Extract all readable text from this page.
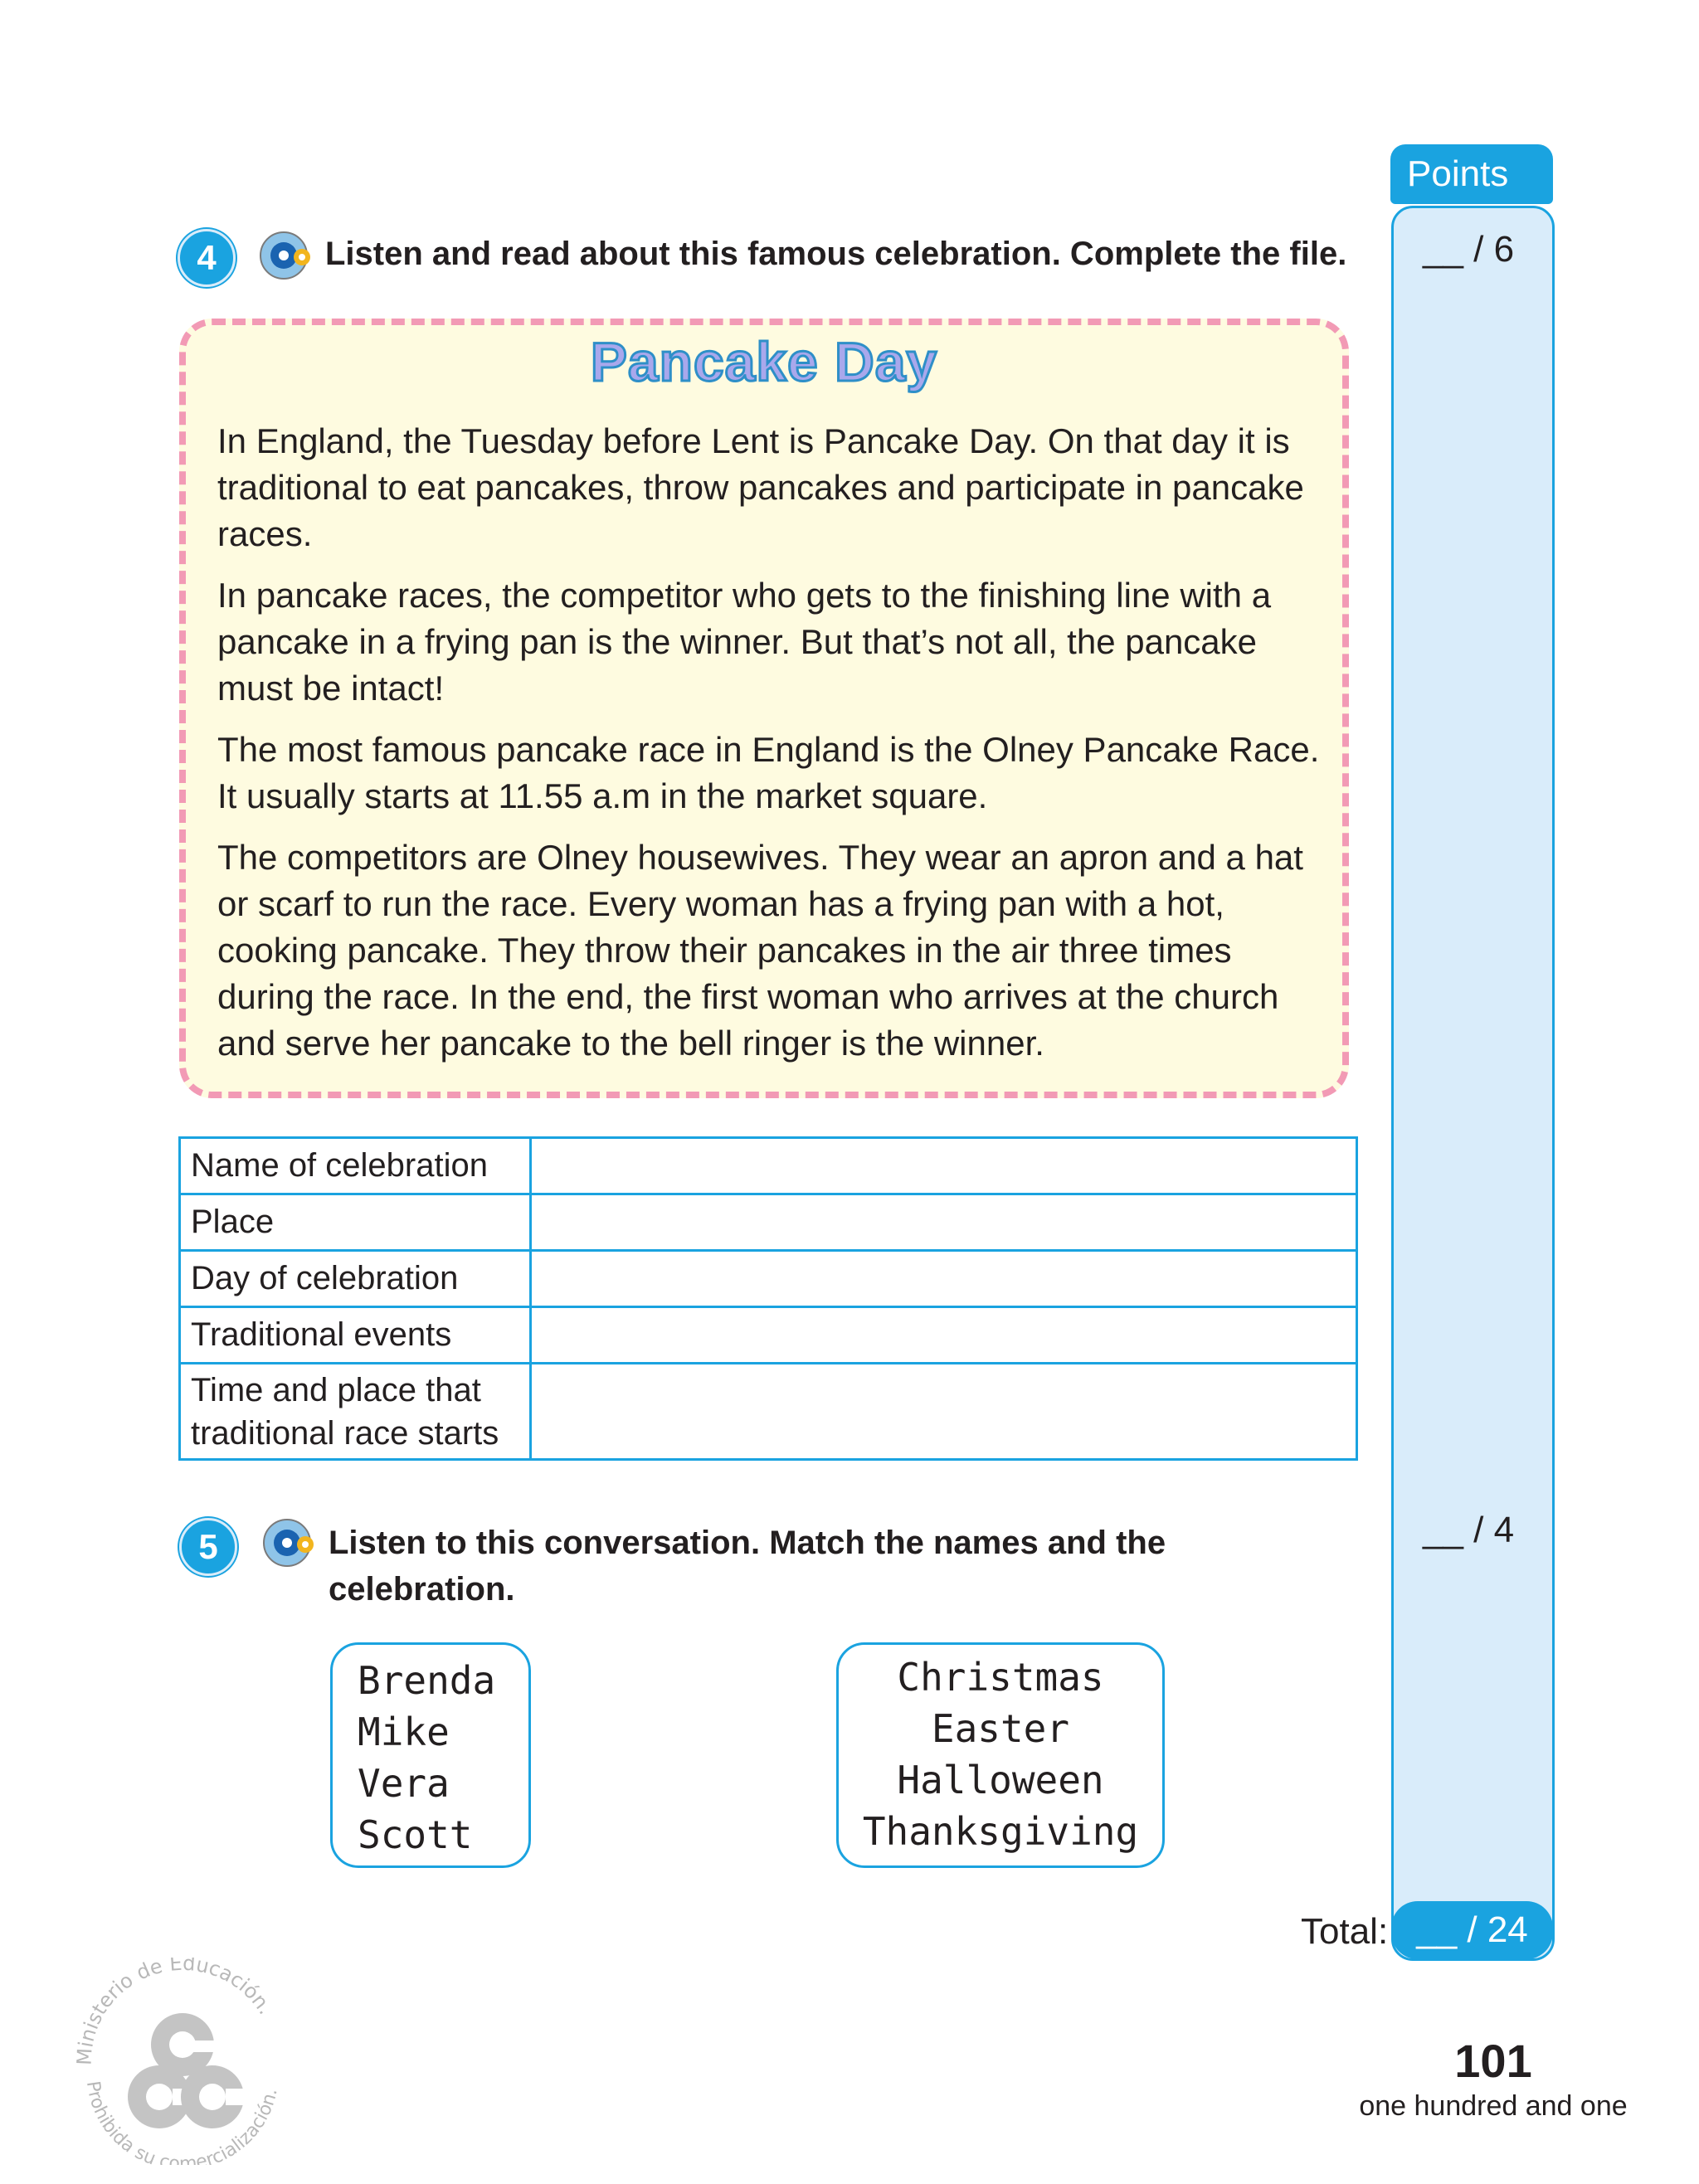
Points
__ / 6
__ / 4
Total: __ / 24
4	Listen and read about this famous celebration. Complete the file.
Pancake Day
In England, the Tuesday before Lent is Pancake Day. On that day it is traditional to eat pancakes, throw pancakes and participate in pancake races.
In pancake races, the competitor who gets to the finishing line with a pancake in a frying pan is the winner. But that’s not all, the pancake must be intact!
The most famous pancake race in England is the Olney Pancake Race. It usually starts at 11.55 a.m in the market square.
The competitors are Olney housewives. They wear an apron and a hat or scarf to run the race. Every woman has a frying pan with a hot, cooking pancake. They throw their pancakes in the air three times during the race. In the end, the first woman who arrives at the church and serve her pancake to the bell ringer is the winner.
Name of celebration	
Place	
Day of celebration	
Traditional events	
Time and place that traditional race starts	
5	Listen to this conversation. Match the names and the
celebration.
Brenda
Mike
Vera
Scott
Christmas
Easter
Halloween
Thanksgiving
Ministerio de Educación.
Prohibida su comercialización.
101
one hundred and one
